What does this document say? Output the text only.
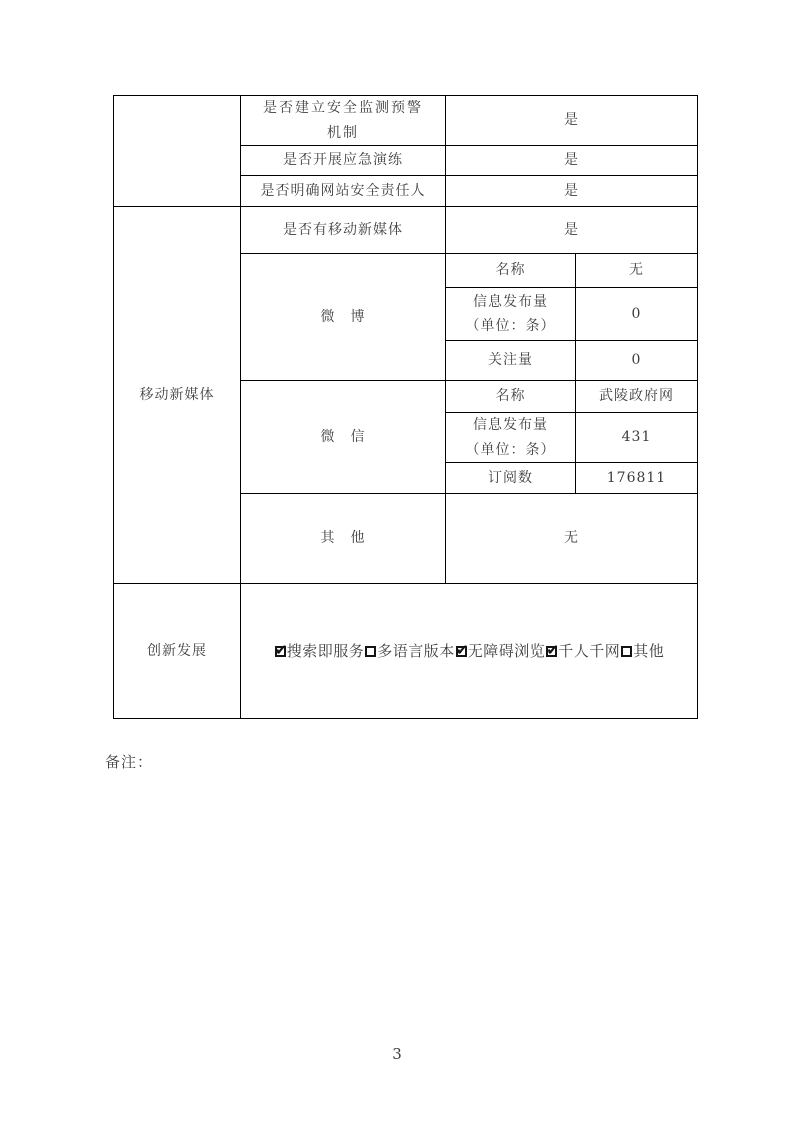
	是否建立安全监测预警机制	是	
	是否开展应急演练	是	
	是否明确网站安全责任人	是	
移动新媒体	是否有移动新媒体	是	
	微　博	名称	无

		信息发布量
（单位：条）	0
		关注量	0
	微　信	名称	武陵政府网

		信息发布量
（单位：条）	431
		订阅数	176811
	其　他	无	
创新发展	
✔搜索即服务 多语言版本 ✔ 无障碍浏览 ✔ 千人千网 其他
备注：
3
